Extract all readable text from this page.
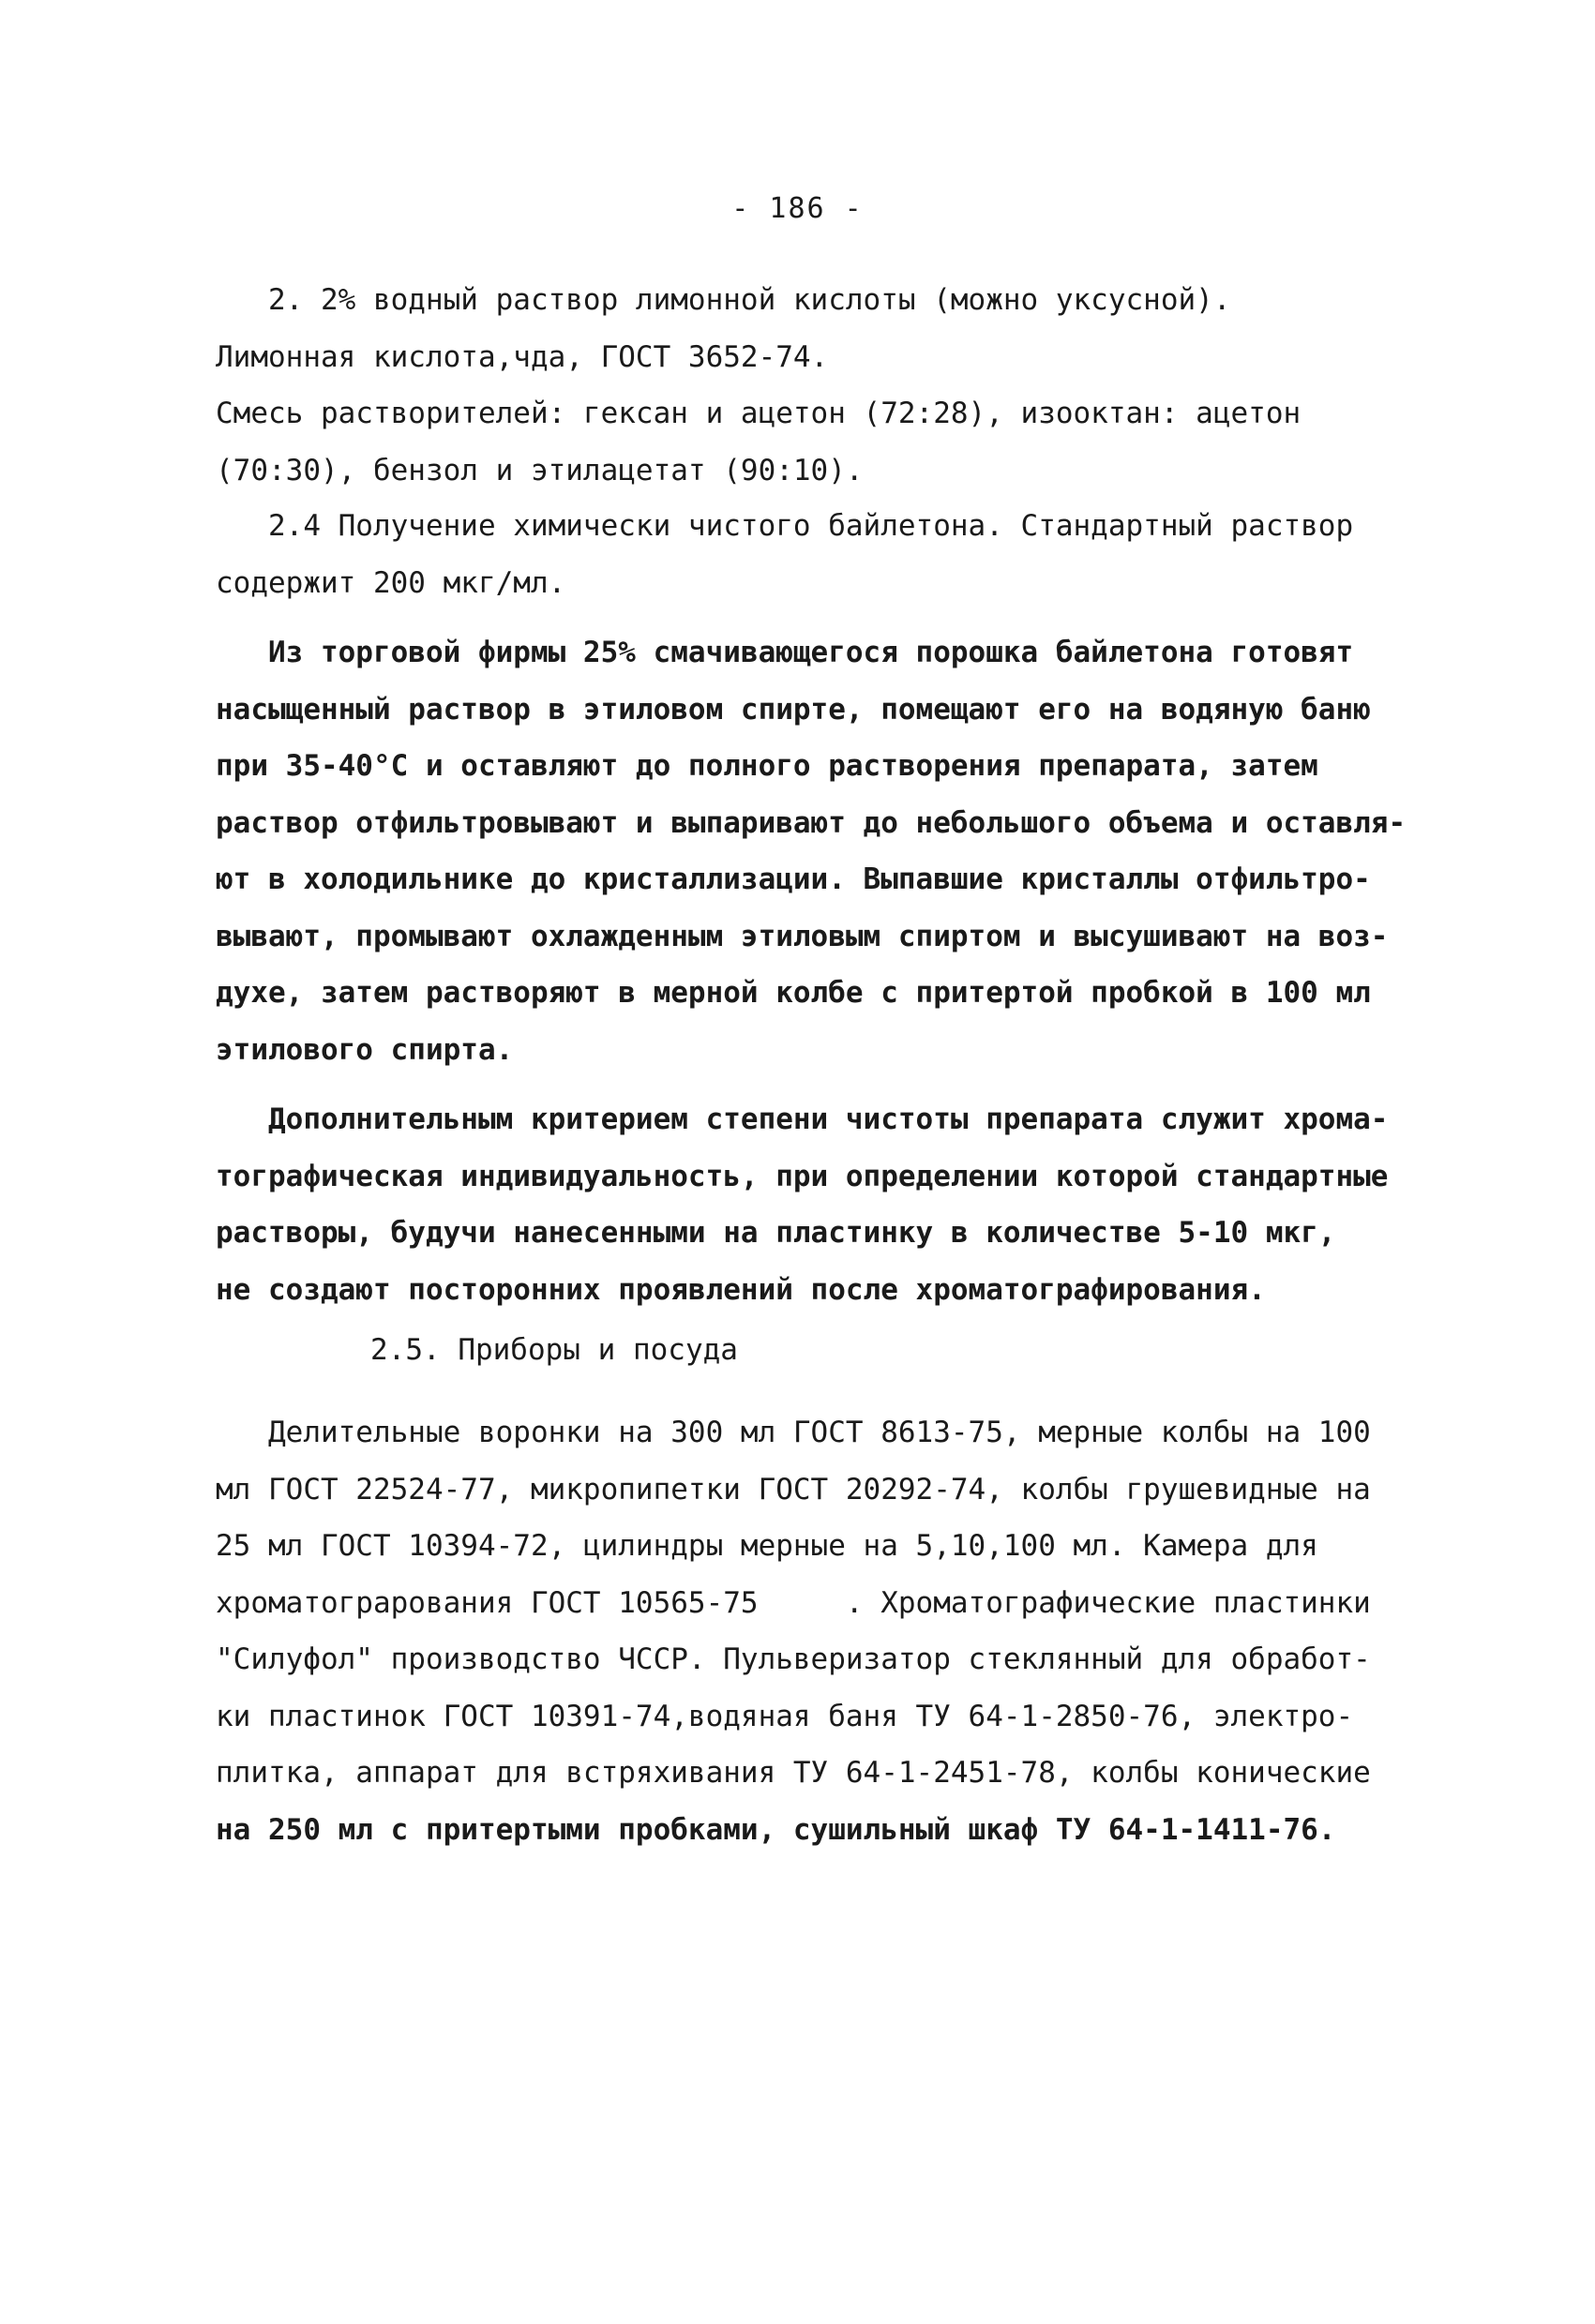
- 186 -
2. 2% водный раствор лимонной кислоты (можно уксусной).
Лимонная кислота,чда, ГОСТ 3652-74.
Смесь растворителей: гексан и ацетон (72:28), изооктан: ацетон
(70:30), бензол и этилацетат (90:10).
2.4 Получение химически чистого байлетона. Стандартный раствор
содержит 200 мкг/мл.
Из торговой фирмы 25% смачивающегося порошка байлетона готовят
насыщенный раствор в этиловом спирте, помещают его на водяную баню
при 35-40°С и оставляют до полного растворения препарата, затем
раствор отфильтровывают и выпаривают до небольшого объема и оставля-
ют в холодильнике до кристаллизации. Выпавшие кристаллы отфильтро-
вывают, промывают охлажденным этиловым спиртом и высушивают на воз-
духе, затем растворяют в мерной колбе с притертой пробкой в 100 мл
этилового спирта.
Дополнительным критерием степени чистоты препарата служит хрома-
тографическая индивидуальность, при определении которой стандартные
растворы, будучи нанесенными на пластинку в количестве 5-10 мкг,
не создают посторонних проявлений после хроматографирования.
2.5. Приборы и посуда
Делительные воронки на 300 мл ГОСТ 8613-75, мерные колбы на 100
мл ГОСТ 22524-77, микропипетки ГОСТ 20292-74, колбы грушевидные на
25 мл ГОСТ 10394-72, цилиндры мерные на 5,10,100 мл. Камера для
хроматограрования ГОСТ 10565-75     . Хроматографические пластинки
"Силуфол" производство ЧССР. Пульверизатор стеклянный для обработ-
ки пластинок ГОСТ 10391-74,водяная баня ТУ 64-1-2850-76, электро-
плитка, аппарат для встряхивания ТУ 64-1-2451-78, колбы конические
на 250 мл с притертыми пробками, сушильный шкаф ТУ 64-1-1411-76.
